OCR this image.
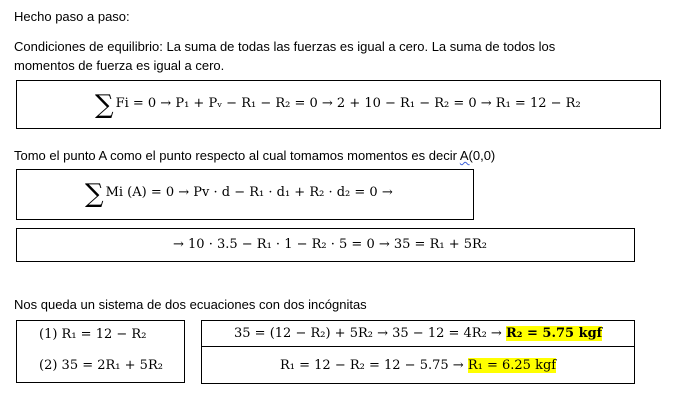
Hecho paso a paso:
Condiciones de equilibrio: La suma de todas las fuerzas es igual a cero. La suma de todos los
momentos de fuerza es igual a cero.
∑ Fi = 0 → P₁ + Pᵥ − R₁ − R₂ = 0 → 2 + 10 − R₁ − R₂ = 0 → R₁ = 12 − R₂
Tomo el punto A como el punto respecto al cual tomamos momentos es decir A(0,0)
∑ Mi (A) = 0 → Pv · d − R₁ · d₁ + R₂ · d₂ = 0 →
→ 10 · 3.5 − R₁ · 1 − R₂ · 5 = 0 → 35 = R₁ + 5R₂
Nos queda un sistema de dos ecuaciones con dos incógnitas
(1) R₁ = 12 − R₂
(2) 35 = 2R₁ + 5R₂
35 = (12 − R₂) + 5R₂ → 35 − 12 = 4R₂ → R₂ = 5.75 kgf
R₁ = 12 − R₂ = 12 − 5.75 → R₁ = 6.25 kgf
